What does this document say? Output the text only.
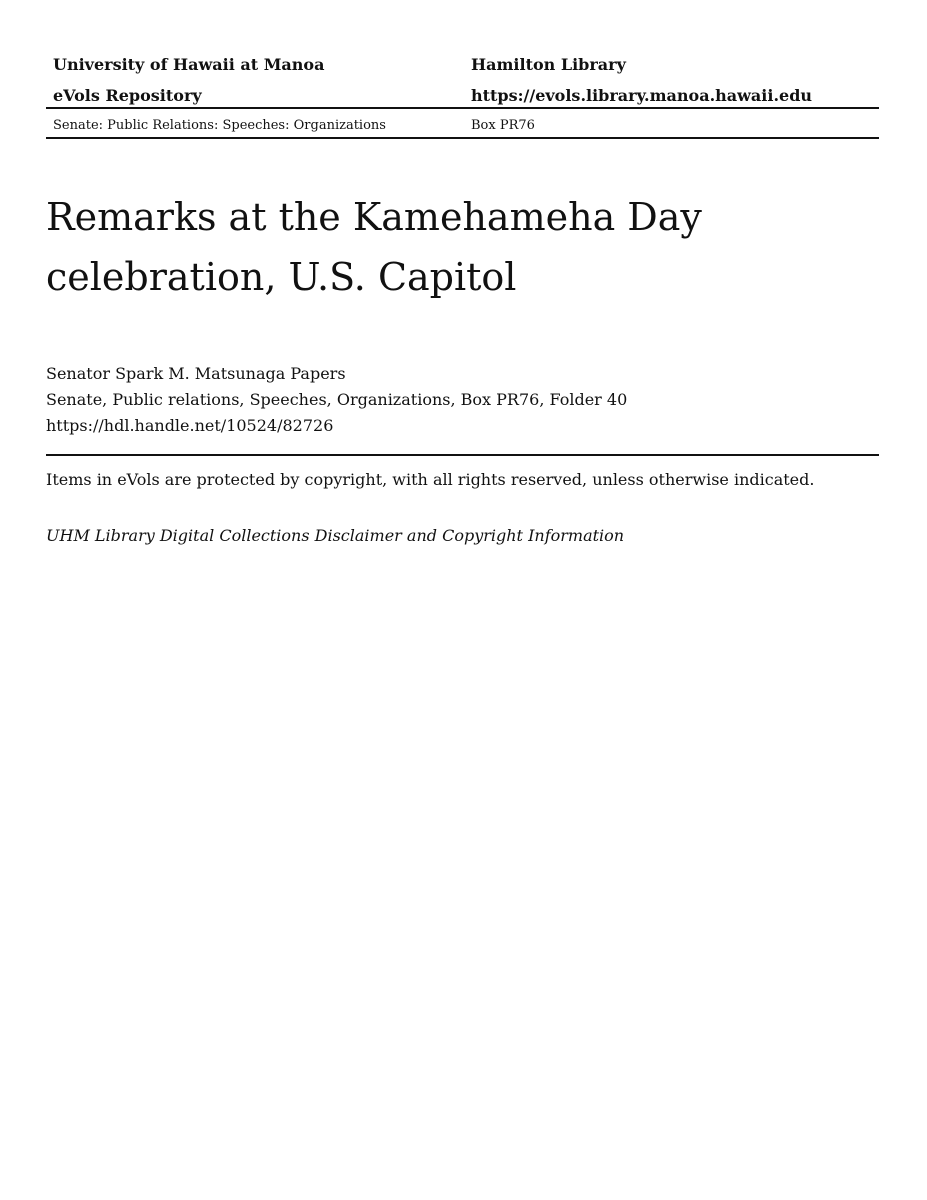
University of Hawaii at Manoa	Hamilton Library
eVols Repository	https://evols.library.manoa.hawaii.edu
Senate: Public Relations: Speeches: Organizations	Box PR76
Remarks at the Kamehameha Day celebration, U.S. Capitol
Senator Spark M. Matsunaga Papers
Senate, Public relations, Speeches, Organizations, Box PR76, Folder 40
https://hdl.handle.net/10524/82726
Items in eVols are protected by copyright, with all rights reserved, unless otherwise indicated.
UHM Library Digital Collections Disclaimer and Copyright Information
